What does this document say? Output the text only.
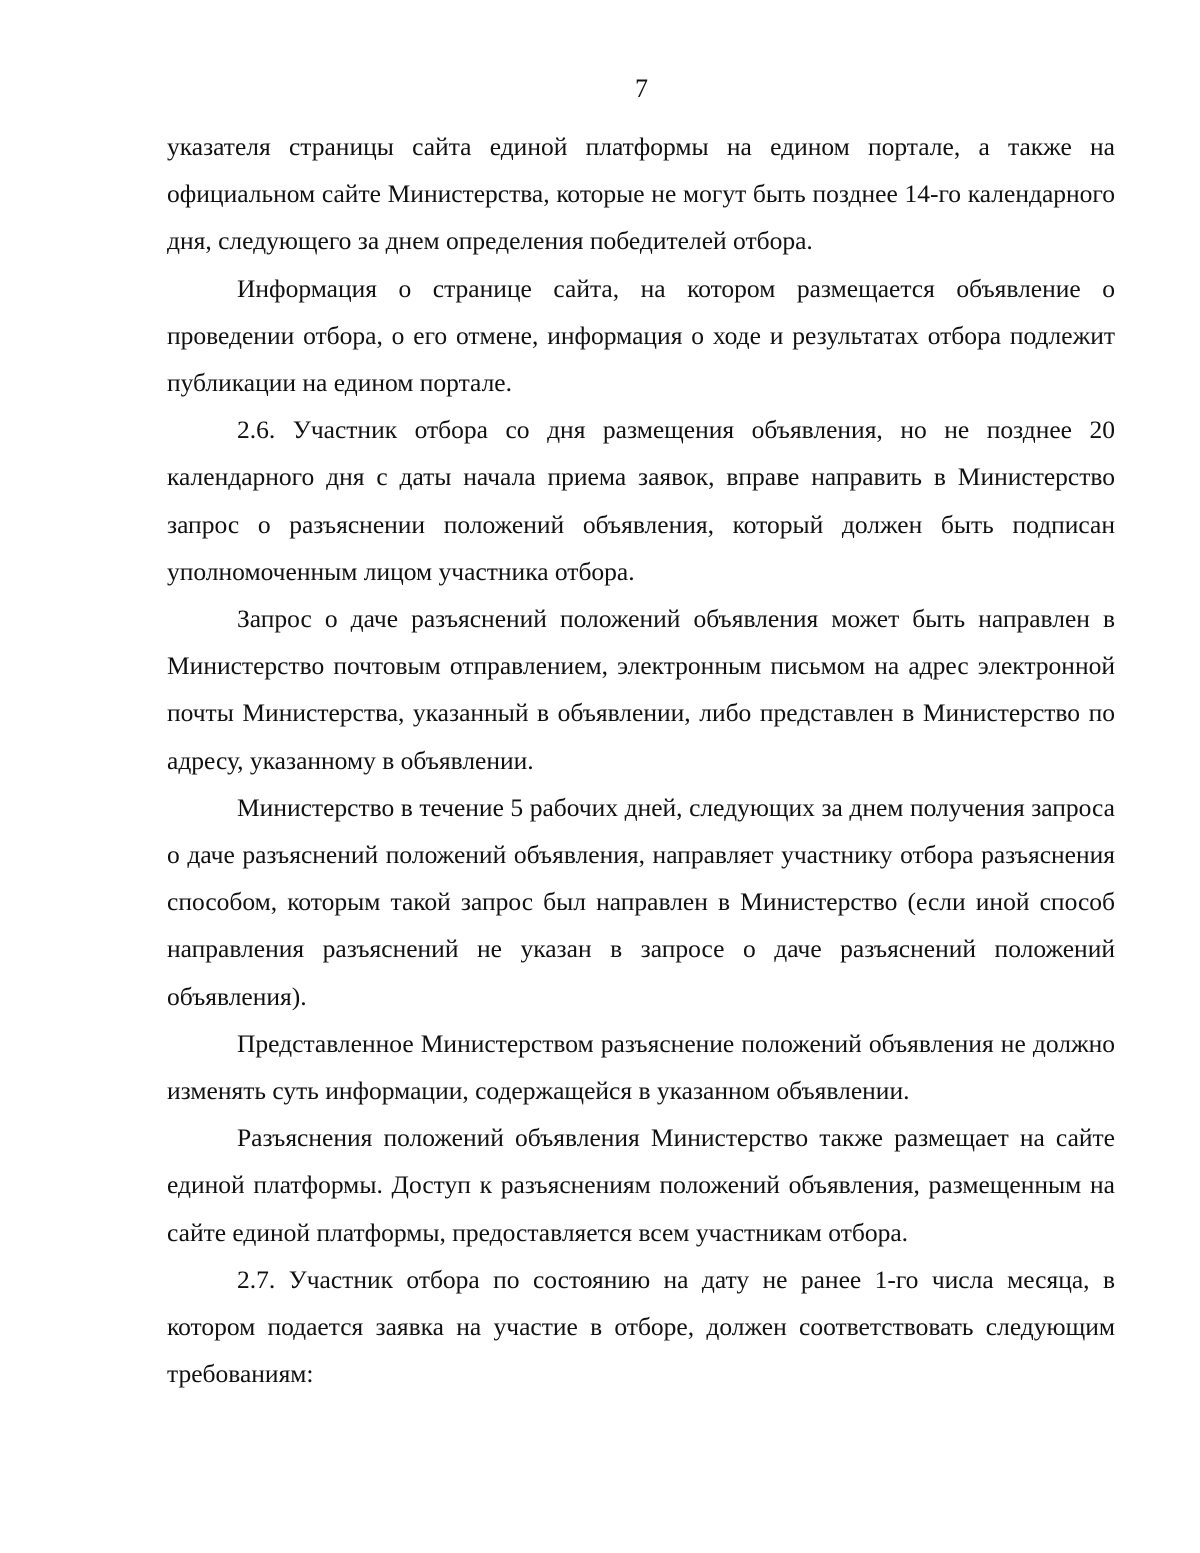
7

указателя страницы сайта единой платформы на едином портале, а также на официальном сайте Министерства, которые не могут быть позднее 14-го календарного дня, следующего за днем определения победителей отбора.

Информация о странице сайта, на котором размещается объявление о проведении отбора, о его отмене, информация о ходе и результатах отбора подлежит публикации на едином портале.

2.6. Участник отбора со дня размещения объявления, но не позднее 20 календарного дня с даты начала приема заявок, вправе направить в Министерство запрос о разъяснении положений объявления, который должен быть подписан уполномоченным лицом участника отбора.

Запрос о даче разъяснений положений объявления может быть направлен в Министерство почтовым отправлением, электронным письмом на адрес электронной почты Министерства, указанный в объявлении, либо представлен в Министерство по адресу, указанному в объявлении.

Министерство в течение 5 рабочих дней, следующих за днем получения запроса о даче разъяснений положений объявления, направляет участнику отбора разъяснения способом, которым такой запрос был направлен в Министерство (если иной способ направления разъяснений не указан в запросе о даче разъяснений положений объявления).

Представленное Министерством разъяснение положений объявления не должно изменять суть информации, содержащейся в указанном объявлении.

Разъяснения положений объявления Министерство также размещает на сайте единой платформы. Доступ к разъяснениям положений объявления, размещенным на сайте единой платформы, предоставляется всем участникам отбора.

2.7. Участник отбора по состоянию на дату не ранее 1-го числа месяца, в котором подается заявка на участие в отборе, должен соответствовать следующим требованиям:
